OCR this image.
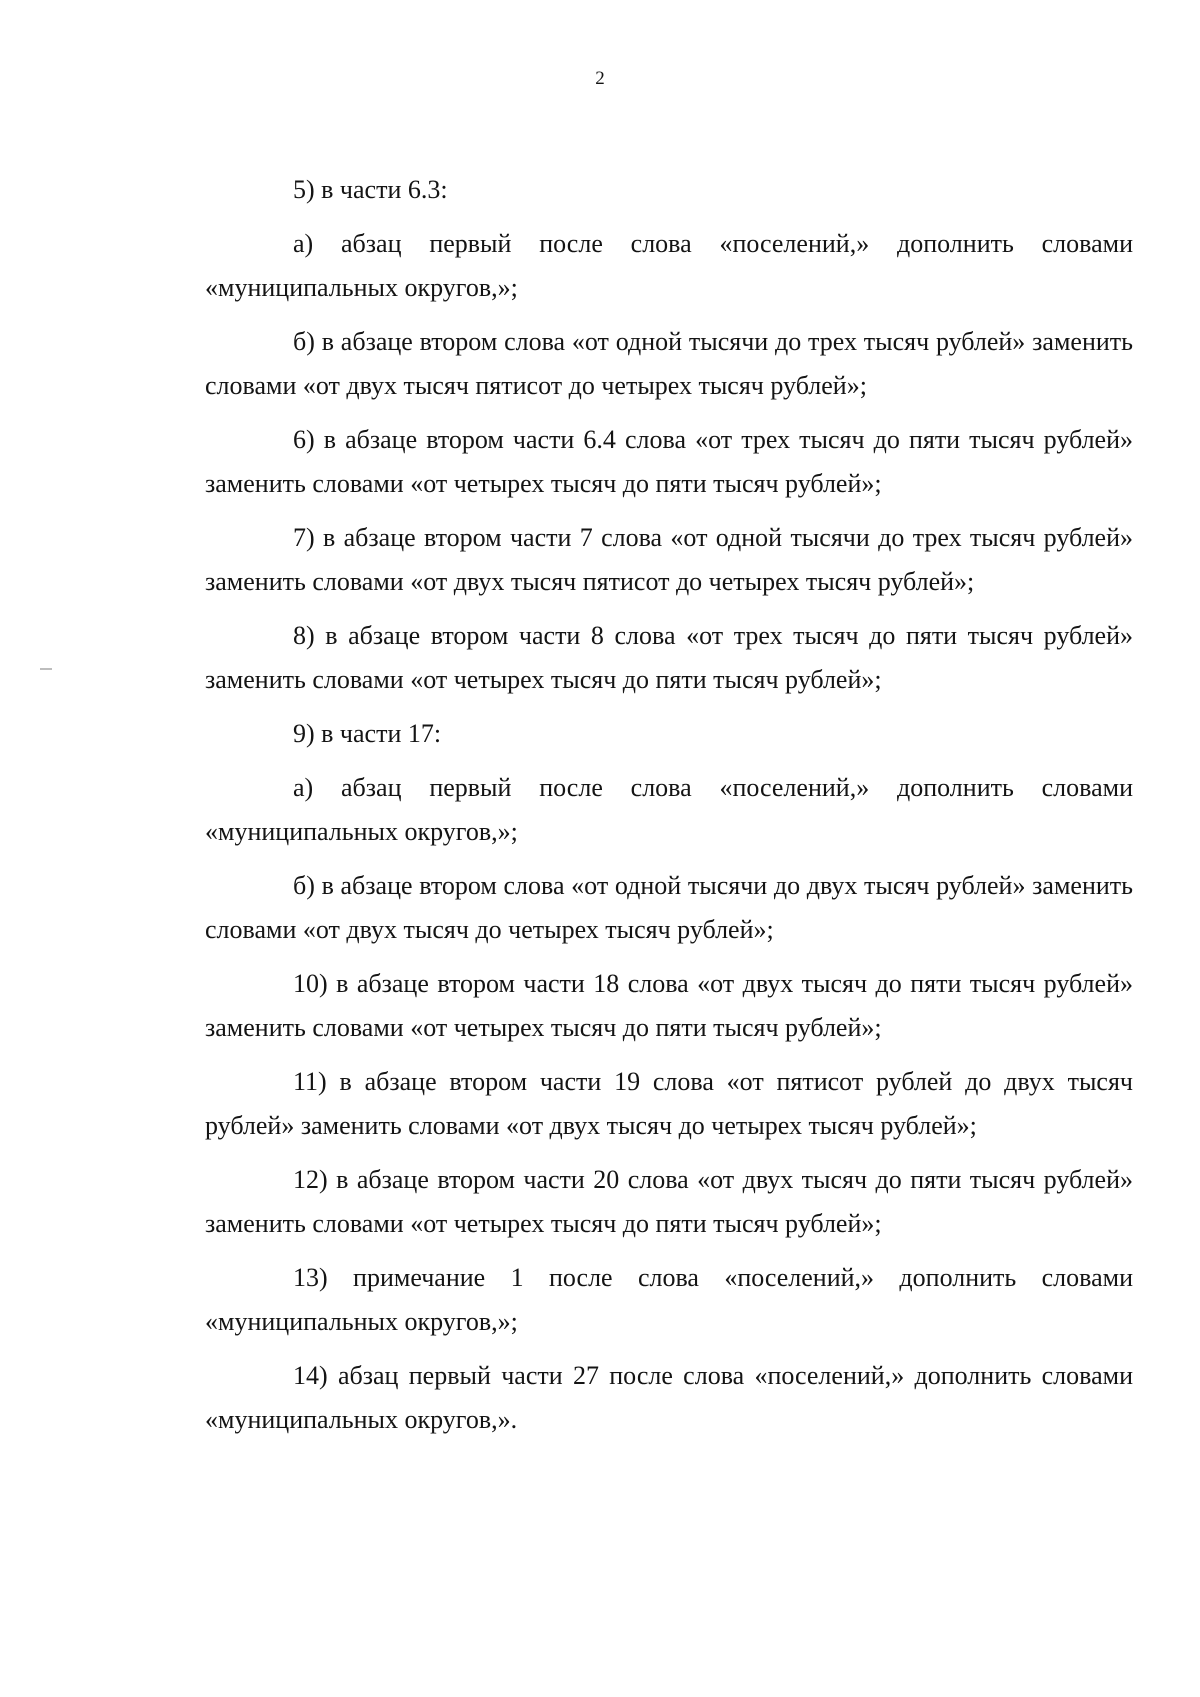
2

5) в части 6.3:

а) абзац первый после слова «поселений,» дополнить словами «муниципальных округов,»;

б) в абзаце втором слова «от одной тысячи до трех тысяч рублей» заменить словами «от двух тысяч пятисот до четырех тысяч рублей»;

6) в абзаце втором части 6.4 слова «от трех тысяч до пяти тысяч рублей» заменить словами «от четырех тысяч до пяти тысяч рублей»;

7) в абзаце втором части 7 слова «от одной тысячи до трех тысяч рублей» заменить словами «от двух тысяч пятисот до четырех тысяч рублей»;

8) в абзаце втором части 8 слова «от трех тысяч до пяти тысяч рублей» заменить словами «от четырех тысяч до пяти тысяч рублей»;

9) в части 17:

а) абзац первый после слова «поселений,» дополнить словами «муниципальных округов,»;

б) в абзаце втором слова «от одной тысячи до двух тысяч рублей» заменить словами «от двух тысяч до четырех тысяч рублей»;

10) в абзаце втором части 18 слова «от двух тысяч до пяти тысяч рублей» заменить словами «от четырех тысяч до пяти тысяч рублей»;

11) в абзаце втором части 19 слова «от пятисот рублей до двух тысяч рублей» заменить словами «от двух тысяч до четырех тысяч рублей»;

12) в абзаце втором части 20 слова «от двух тысяч до пяти тысяч рублей» заменить словами «от четырех тысяч до пяти тысяч рублей»;

13) примечание 1 после слова «поселений,» дополнить словами «муниципальных округов,»;

14) абзац первый части 27 после слова «поселений,» дополнить словами «муниципальных округов,».
